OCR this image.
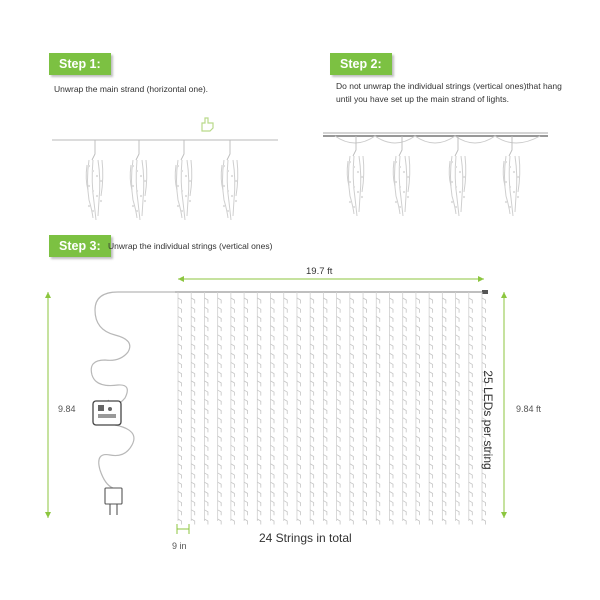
Step 1:
Unwrap the main strand (horizontal one).
Step 2:
Do not unwrap the individual strings (vertical ones)that hang until you have set up the main strand of lights.
Step 3: Unwrap the individual strings (vertical ones)
19.7 ft
9.84	9.84 ft
9 in
24 Strings in total
25 LEDs per string
